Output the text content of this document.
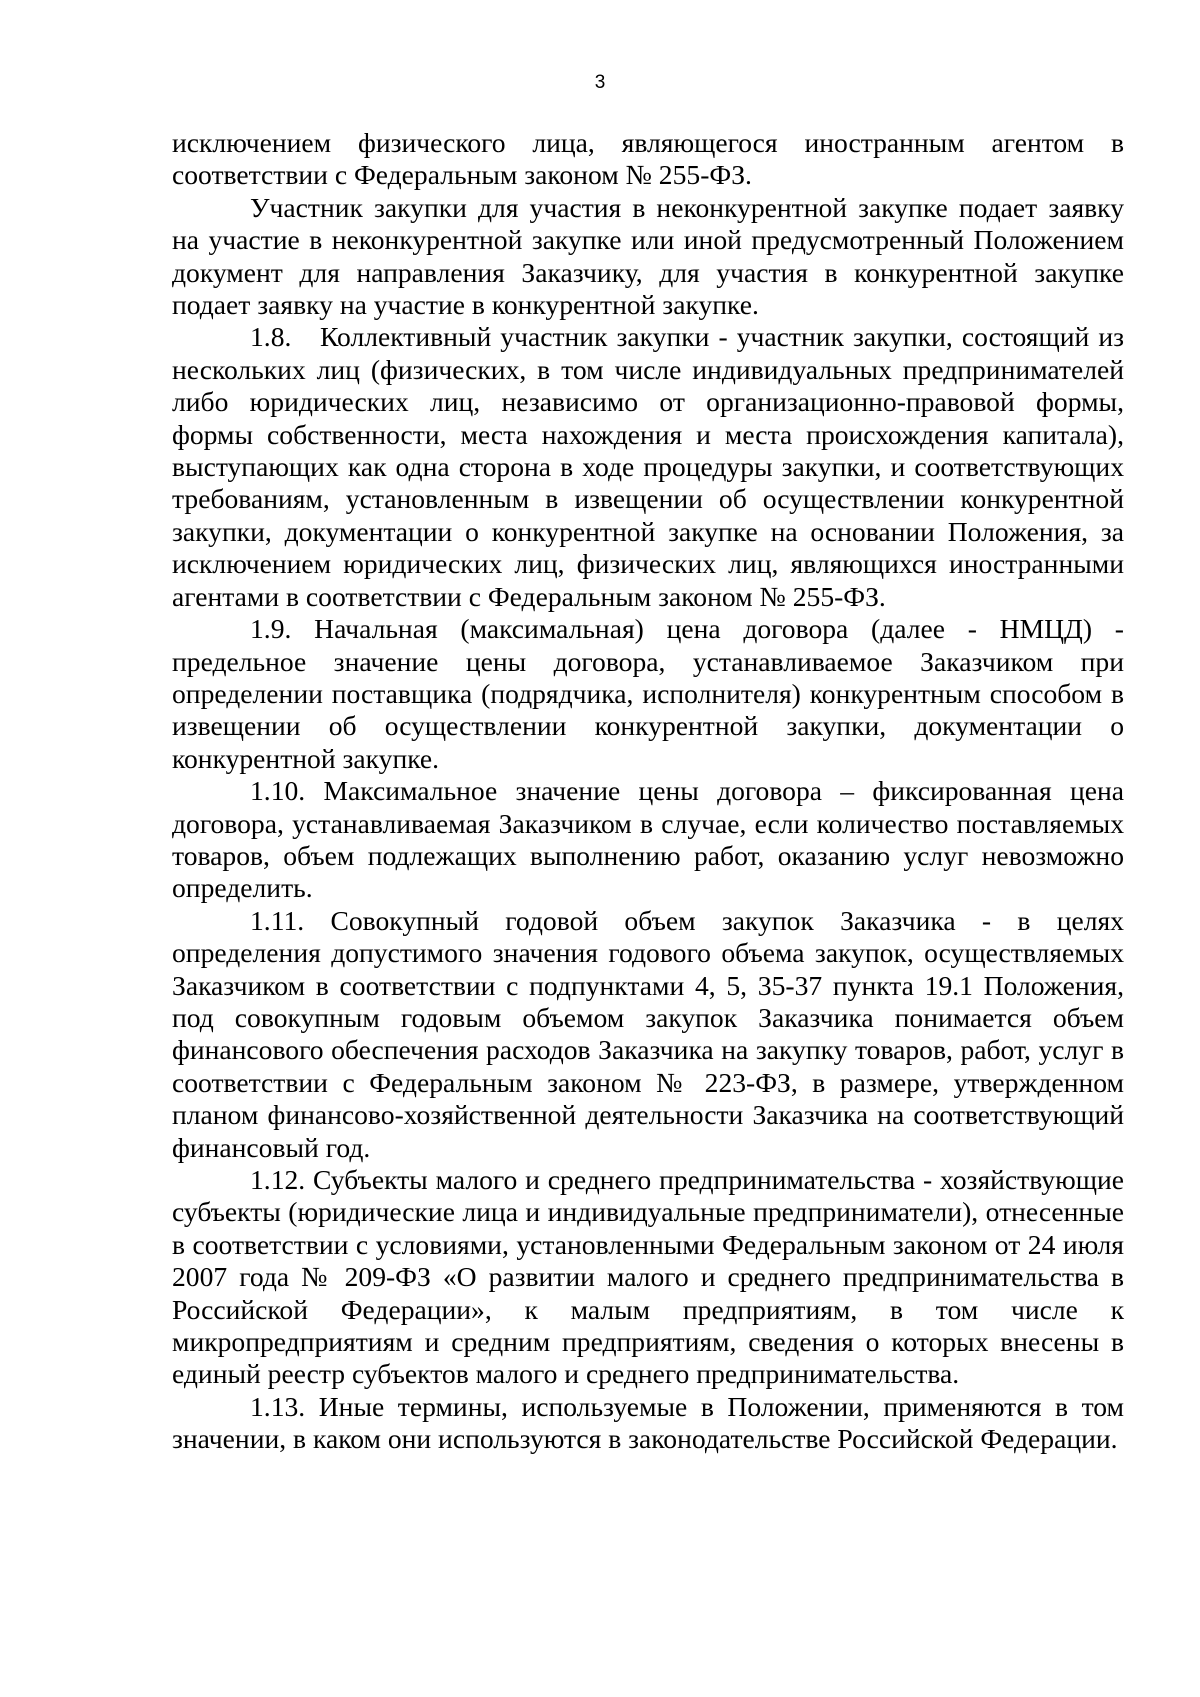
3

исключением физического лица, являющегося иностранным агентом в соответствии с Федеральным законом № 255-ФЗ.

Участник закупки для участия в неконкурентной закупке подает заявку на участие в неконкурентной закупке или иной предусмотренный Положением документ для направления Заказчику, для участия в конкурентной закупке подает заявку на участие в конкурентной закупке.

1.8. Коллективный участник закупки - участник закупки, состоящий из нескольких лиц (физических, в том числе индивидуальных предпринимателей либо юридических лиц, независимо от организационно-правовой формы, формы собственности, места нахождения и места происхождения капитала), выступающих как одна сторона в ходе процедуры закупки, и соответствующих требованиям, установленным в извещении об осуществлении конкурентной закупки, документации о конкурентной закупке на основании Положения, за исключением юридических лиц, физических лиц, являющихся иностранными агентами в соответствии с Федеральным законом № 255-ФЗ.

1.9. Начальная (максимальная) цена договора (далее - НМЦД) - предельное значение цены договора, устанавливаемое Заказчиком при определении поставщика (подрядчика, исполнителя) конкурентным способом в извещении об осуществлении конкурентной закупки, документации о конкурентной закупке.

1.10. Максимальное значение цены договора – фиксированная цена договора, устанавливаемая Заказчиком в случае, если количество поставляемых товаров, объем подлежащих выполнению работ, оказанию услуг невозможно определить.

1.11. Совокупный годовой объем закупок Заказчика - в целях определения допустимого значения годового объема закупок, осуществляемых Заказчиком в соответствии с подпунктами 4, 5, 35-37 пункта 19.1 Положения, под совокупным годовым объемом закупок Заказчика понимается объем финансового обеспечения расходов Заказчика на закупку товаров, работ, услуг в соответствии с Федеральным законом № 223-ФЗ, в размере, утвержденном планом финансово-хозяйственной деятельности Заказчика на соответствующий финансовый год.

1.12. Субъекты малого и среднего предпринимательства - хозяйствующие субъекты (юридические лица и индивидуальные предприниматели), отнесенные в соответствии с условиями, установленными Федеральным законом от 24 июля 2007 года № 209-ФЗ «О развитии малого и среднего предпринимательства в Российской Федерации», к малым предприятиям, в том числе к микропредприятиям и средним предприятиям, сведения о которых внесены в единый реестр субъектов малого и среднего предпринимательства.

1.13. Иные термины, используемые в Положении, применяются в том значении, в каком они используются в законодательстве Российской Федерации.
